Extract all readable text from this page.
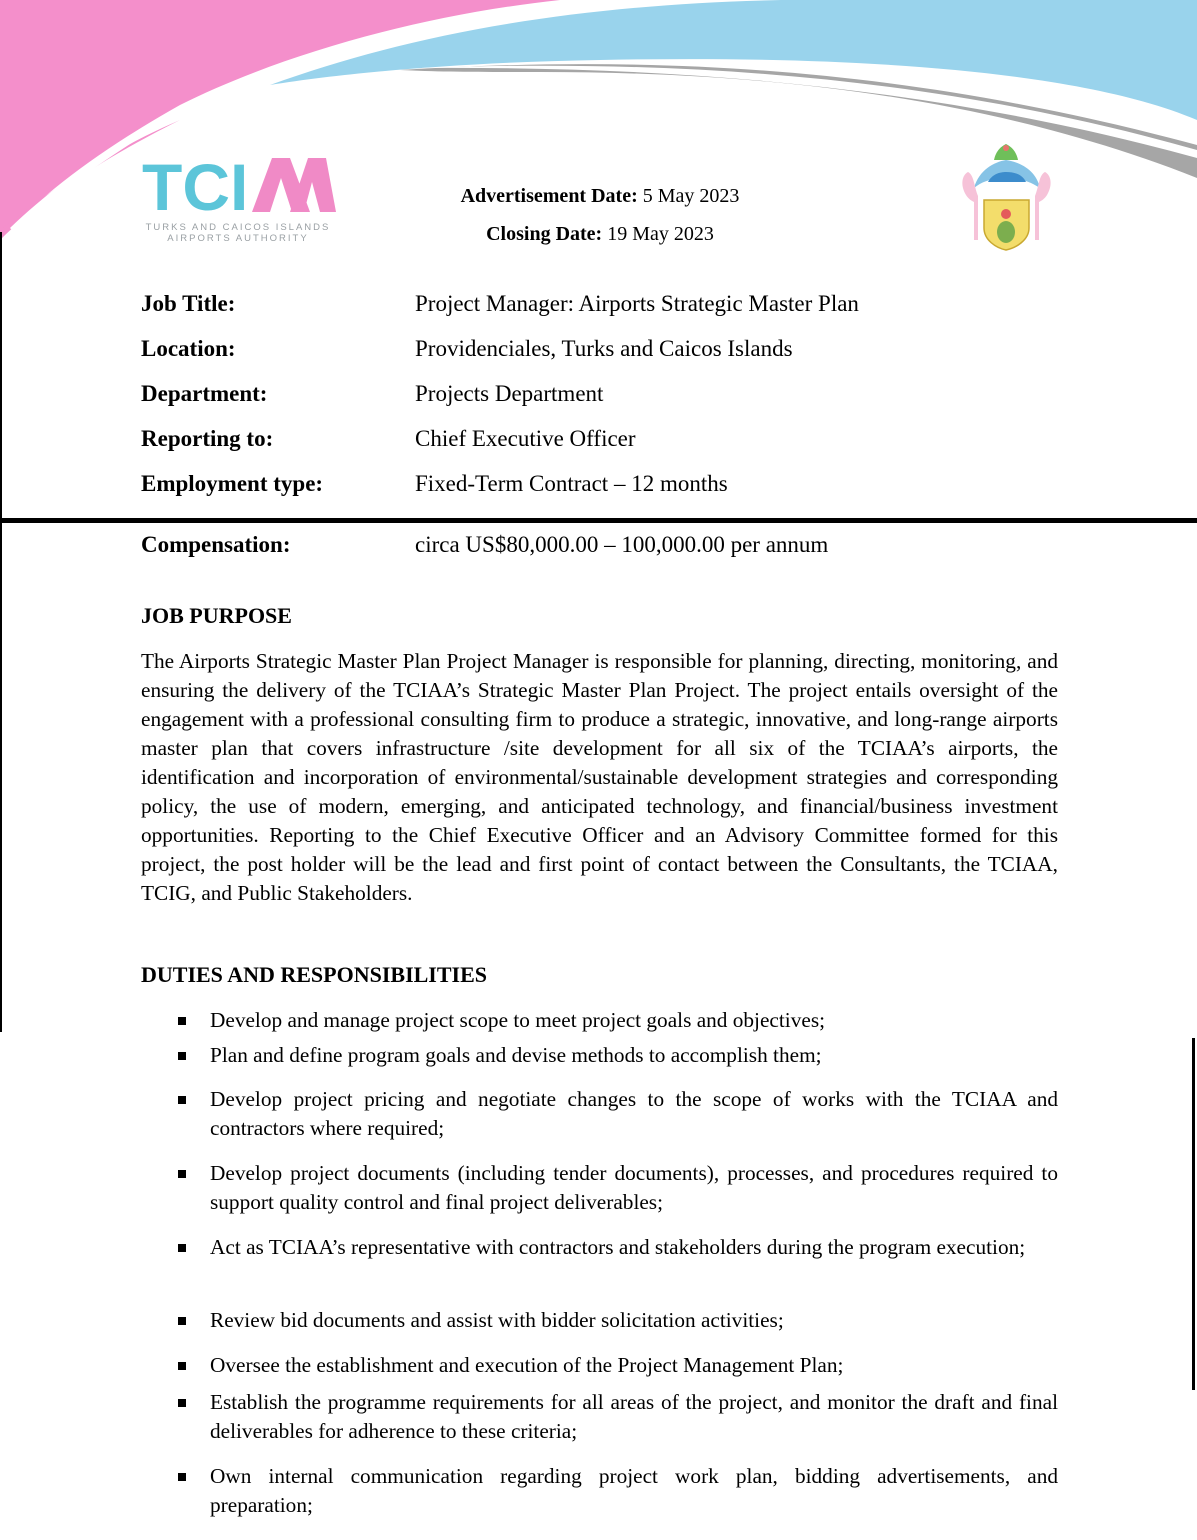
TCI
TURKS AND CAICOS ISLANDS
AIRPORTS AUTHORITY
Advertisement Date: 5 May 2023
Closing Date: 19 May 2023
Job Title:	Project Manager: Airports Strategic Master Plan
Location:	Providenciales, Turks and Caicos Islands
Department:	Projects Department
Reporting to:	Chief Executive Officer
Employment type:	Fixed-Term Contract – 12 months
Compensation:	circa US$80,000.00 – 100,000.00 per annum
JOB PURPOSE
The Airports Strategic Master Plan Project Manager is responsible for planning, directing, monitoring, and ensuring the delivery of the TCIAA’s Strategic Master Plan Project. The project entails oversight of the engagement with a professional consulting firm to produce a strategic, innovative, and long-range airports master plan that covers infrastructure /site development for all six of the TCIAA’s airports, the identification and incorporation of environmental/sustainable development strategies and corresponding policy, the use of modern, emerging, and anticipated technology, and financial/business investment opportunities. Reporting to the Chief Executive Officer and an Advisory Committee formed for this project, the post holder will be the lead and first point of contact between the Consultants, the TCIAA, TCIG, and Public Stakeholders.
DUTIES AND RESPONSIBILITIES
Develop and manage project scope to meet project goals and objectives;
Plan and define program goals and devise methods to accomplish them;
Develop project pricing and negotiate changes to the scope of works with the TCIAA and contractors where required;
Develop project documents (including tender documents), processes, and procedures required to support quality control and final project deliverables;
Act as TCIAA’s representative with contractors and stakeholders during the program execution;
Review bid documents and assist with bidder solicitation activities;
Oversee the establishment and execution of the Project Management Plan;
Establish the programme requirements for all areas of the project, and monitor the draft and final deliverables for adherence to these criteria;
Own internal communication regarding project work plan, bidding advertisements, and preparation;
